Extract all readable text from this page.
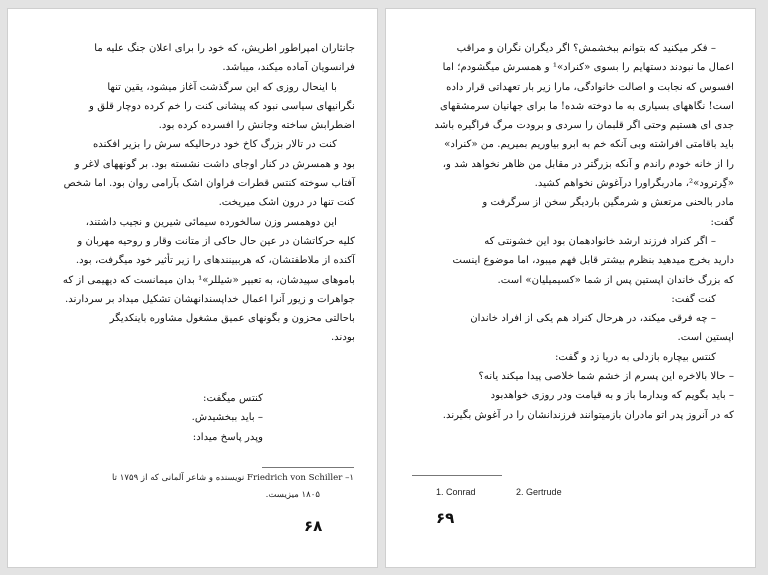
جانثاران امپراطور اطریش، که خود را برای اعلان جنگ علیه ما

فرانسویان آماده میکند، میباشد.

با اینحال روزی که این سرگذشت آغاز میشود، یقین تنها

نگرانیهای سیاسی نبود که پیشانی کنت را خم کرده دوچار قلق و

اضطرابش ساخته وجانش را افسرده کرده بود.

کنت در تالار بزرگ کاخ خود درحالیکه سرش را بزیر افکنده

بود و همسرش در کنار اوجای داشت نشسته بود. بر گونههای لاغر و

آفتاب سوخته کنتس قطرات فراوان اشک بآرامی روان بود. اما شخص

کنت تنها در درون اشک میریخت.

این دوهمسر وزن سالخورده سیمائی شیرین و نجیب داشتند،

کلیه حرکاتشان در عین حال حاکی از متانت وقار و روحیه مهربان و

آکنده از ملاطفتشان، که هرببینندهای را زیر تأثیر خود میگرفت، بود.

باموهای سپیدشان، به تعبیر «شیللر»¹ بدان میمانست که دیهیمی از که

جواهرات و زیور آنرا اعمال خداپسندانهشان تشکیل میداد بر سردارند.

باحالتی محزون و بگونهای عمیق مشغول مشاوره باینکدیگر

بودند.

کنتس میگفت:

– باید ببخشیدش.

وپدر پاسخ میداد:

١– Friedrich von Schiller نویسنده و شاعر آلمانی که از ۱۷۵۹ تا
۱۸۰۵ میزیست.
۶۸

– فکر میکنید که بتوانم ببخشمش؟ اگر دیگران نگران و مراقب

اعمال ما نبودند دستهایم را بسوی «کنراد»¹ و همسرش میگشودم؛ اما

افسوس که نجابت و اصالت خانوادگی، مارا زیر بار تعهداتی قرار داده

است! نگاههای بسیاری به ما دوخته شده! ما برای جهانیان سرمشقهای

جدی ای هستیم وحتی اگر قلبمان را سردی و برودت مرگ فراگیره باشد

باید باقامتی افراشته وبی آنکه خم به ابرو بیاوریم بمیریم. من «کنراد»

را از خانه خودم راندم و آنکه بزرگتر در مقابل من ظاهر نخواهد شد و،

«گِرترود»²، مادربگراورا درآغوش نخواهم کشید.

مادر بالحنی مرتعش و شرمگین باردیگر سخن از سرگرفت و

گفت:

– اگر کنراد فرزند ارشد خانوادهمان بود این خشونتی که

دارید بخرج میدهید بنظرم بیشتر قابل فهم میبود، اما موضوع اینست

که بزرگ خاندان اپستین پس از شما «کسیمیلیان» است.

کنت گفت:

– چه فرقی میکند، در هرحال کنراد هم یکی از افراد خاندان

اپستین است.

کنتس بیچاره بازدلی به دریا زد و گفت:

– حالا بالاخره این پسرم از خشم شما خلاصی پیدا میکند یانه؟

– باید بگویم که وبدارما باز و به قیامت ودر روزی خواهدبود

که در آنروز پدر اتو مادران بازمیتوانند فرزندانشان را در آغوش بگیرند.

1. Conrad	2. Gertrude
۶۹
